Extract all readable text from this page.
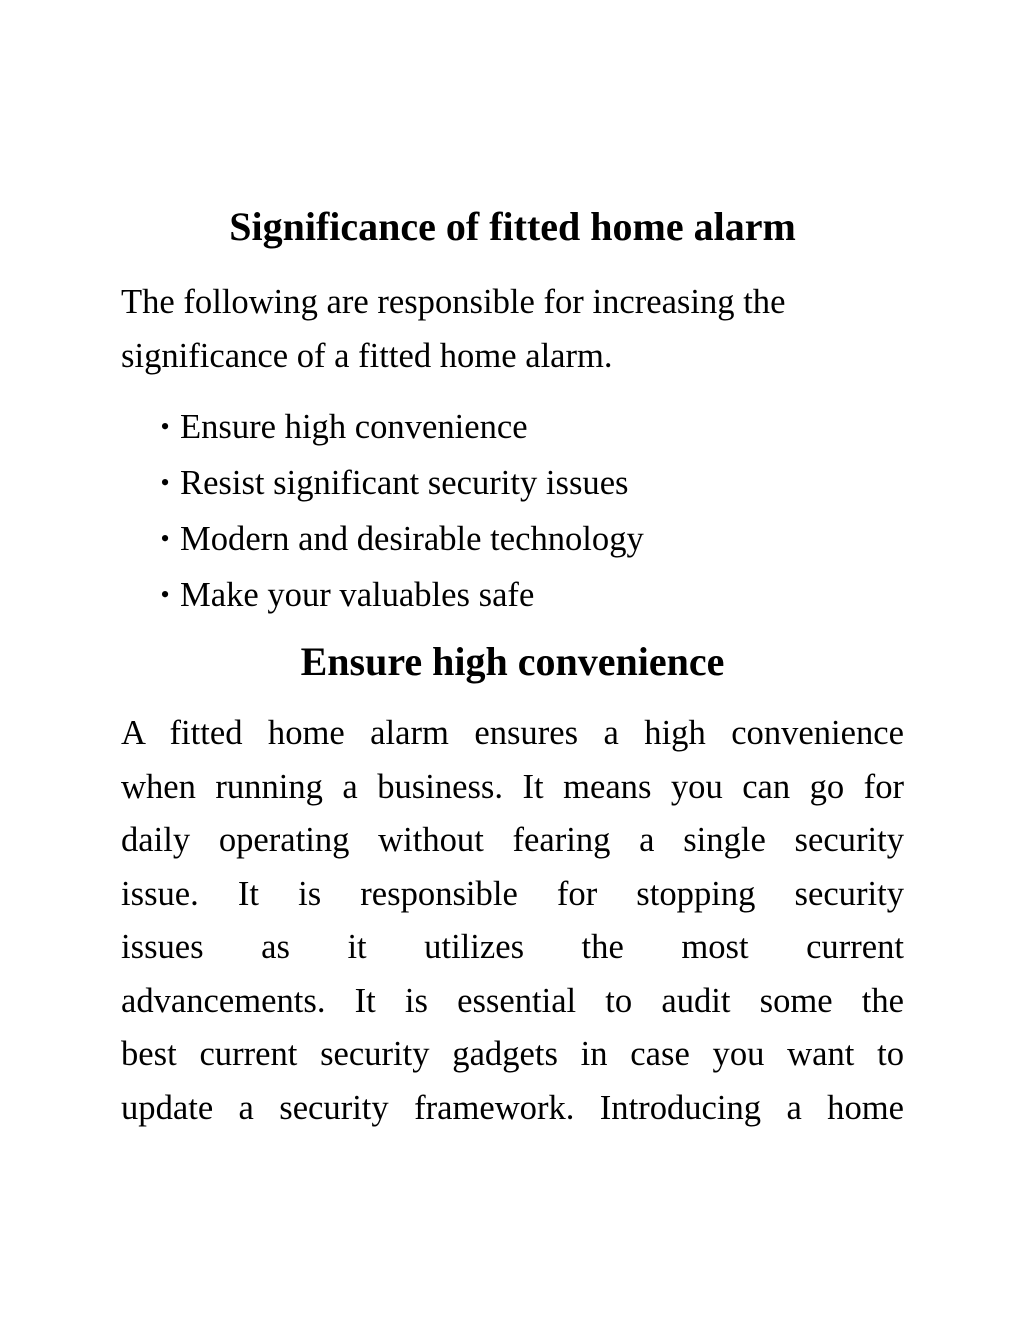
Significance of fitted home alarm

The following are responsible for increasing the
significance of a fitted home alarm.

• Ensure high convenience
• Resist significant security issues
• Modern and desirable technology
• Make your valuables safe
Ensure high convenience

A fitted home alarm ensures a high convenience
when running a business. It means you can go for
daily operating without fearing a single security
issue. It is responsible for stopping security
issues as it utilizes the most current
advancements. It is essential to audit some the
best current security gadgets in case you want to
update a security framework. Introducing a home
